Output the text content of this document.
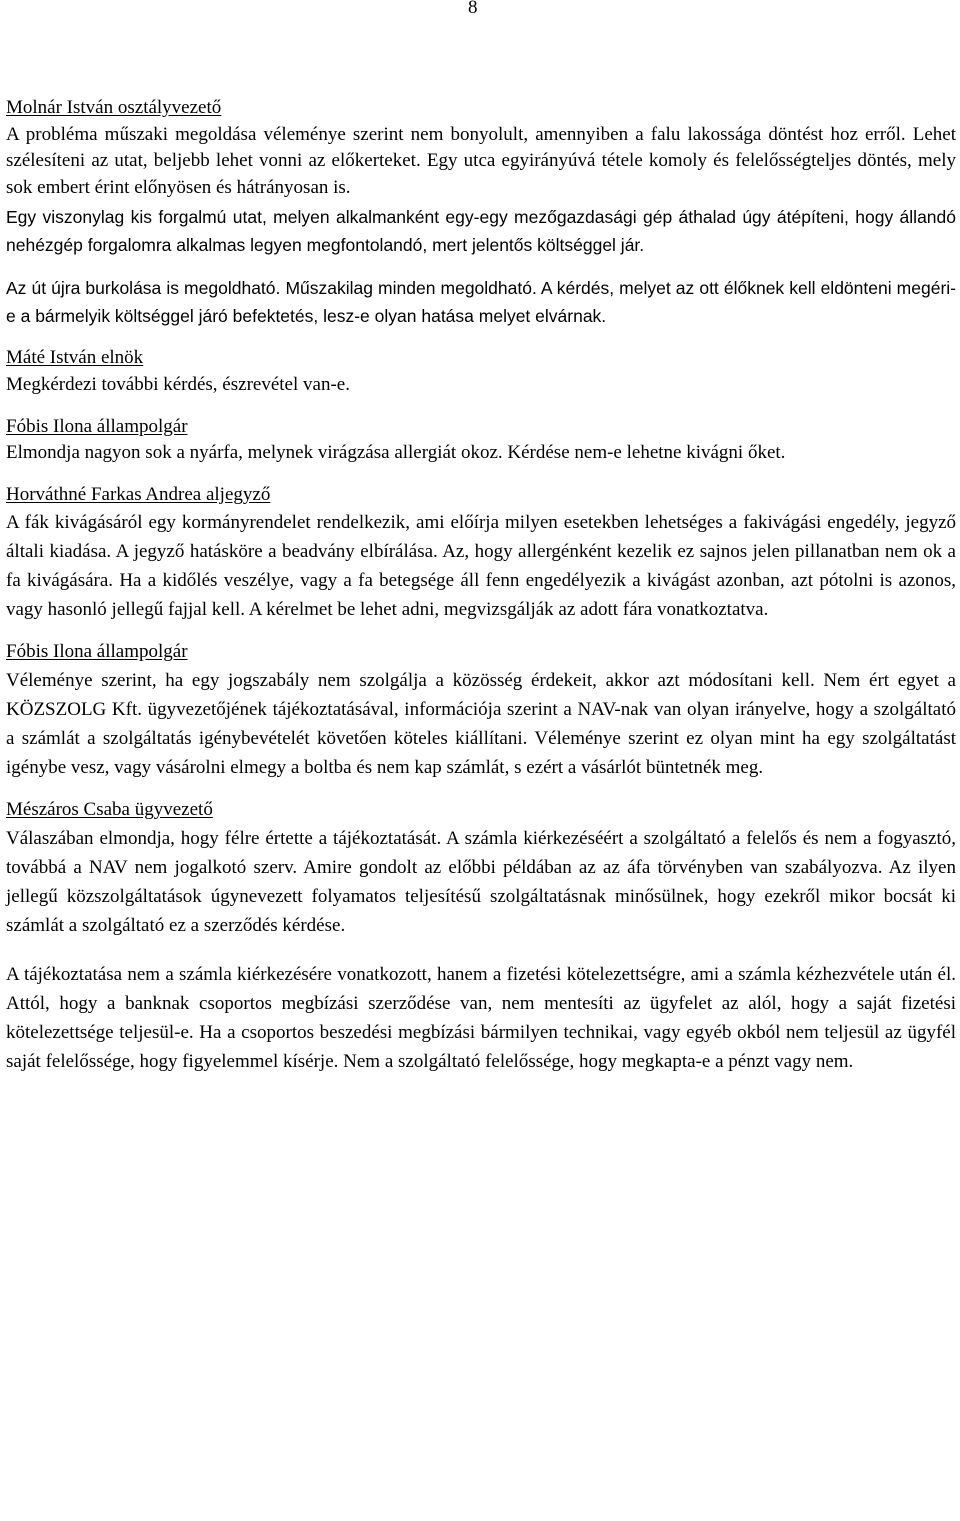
8

Molnár István osztályvezető

A probléma műszaki megoldása véleménye szerint nem bonyolult, amennyiben a falu lakossága döntést hoz erről. Lehet szélesíteni az utat, beljebb lehet vonni az előkerteket. Egy utca egyirányúvá tétele komoly és felelősségteljes döntés, mely sok embert érint előnyösen és hátrányosan is.

Egy viszonylag kis forgalmú utat, melyen alkalmanként egy-egy mezőgazdasági gép áthalad úgy átépíteni, hogy állandó nehézgép forgalomra alkalmas legyen megfontolandó, mert jelentős költséggel jár.

Az út újra burkolása is megoldható. Műszakilag minden megoldható. A kérdés, melyet az ott élőknek kell eldönteni megéri-e a bármelyik költséggel járó befektetés, lesz-e olyan hatása melyet elvárnak.

Máté István elnök

Megkérdezi további kérdés, észrevétel van-e.

Fóbis Ilona állampolgár

Elmondja nagyon sok a nyárfa, melynek virágzása allergiát okoz. Kérdése nem-e lehetne kivágni őket.

Horváthné Farkas Andrea aljegyző

A fák kivágásáról egy kormányrendelet rendelkezik, ami előírja milyen esetekben lehetséges a fakivágási engedély, jegyző általi kiadása. A jegyző hatásköre a beadvány elbírálása. Az, hogy allergénként kezelik ez sajnos jelen pillanatban nem ok a fa kivágására. Ha a kidőlés veszélye, vagy a fa betegsége áll fenn engedélyezik a kivágást azonban, azt pótolni is azonos, vagy hasonló jellegű fajjal kell. A kérelmet be lehet adni, megvizsgálják az adott fára vonatkoztatva.

Fóbis Ilona állampolgár

Véleménye szerint, ha egy jogszabály nem szolgálja a közösség érdekeit, akkor azt módosítani kell. Nem ért egyet a KÖZSZOLG Kft. ügyvezetőjének tájékoztatásával, információja szerint a NAV-nak van olyan irányelve, hogy a szolgáltató a számlát a szolgáltatás igénybevételét követően köteles kiállítani. Véleménye szerint ez olyan mint ha egy szolgáltatást igénybe vesz, vagy vásárolni elmegy a boltba és nem kap számlát, s ezért a vásárlót büntetnék meg.

Mészáros Csaba ügyvezető

Válaszában elmondja, hogy félre értette a tájékoztatását. A számla kiérkezéséért a szolgáltató a felelős és nem a fogyasztó, továbbá a NAV nem jogalkotó szerv. Amire gondolt az előbbi példában az az áfa törvényben van szabályozva. Az ilyen jellegű közszolgáltatások úgynevezett folyamatos teljesítésű szolgáltatásnak minősülnek, hogy ezekről mikor bocsát ki számlát a szolgáltató ez a szerződés kérdése.

A tájékoztatása nem a számla kiérkezésére vonatkozott, hanem a fizetési kötelezettségre, ami a számla kézhezvétele után él. Attól, hogy a banknak csoportos megbízási szerződése van, nem mentesíti az ügyfelet az alól, hogy a saját fizetési kötelezettsége teljesül-e. Ha a csoportos beszedési megbízási bármilyen technikai, vagy egyéb okból nem teljesül az ügyfél saját felelőssége, hogy figyelemmel kísérje. Nem a szolgáltató felelőssége, hogy megkapta-e a pénzt vagy nem.
